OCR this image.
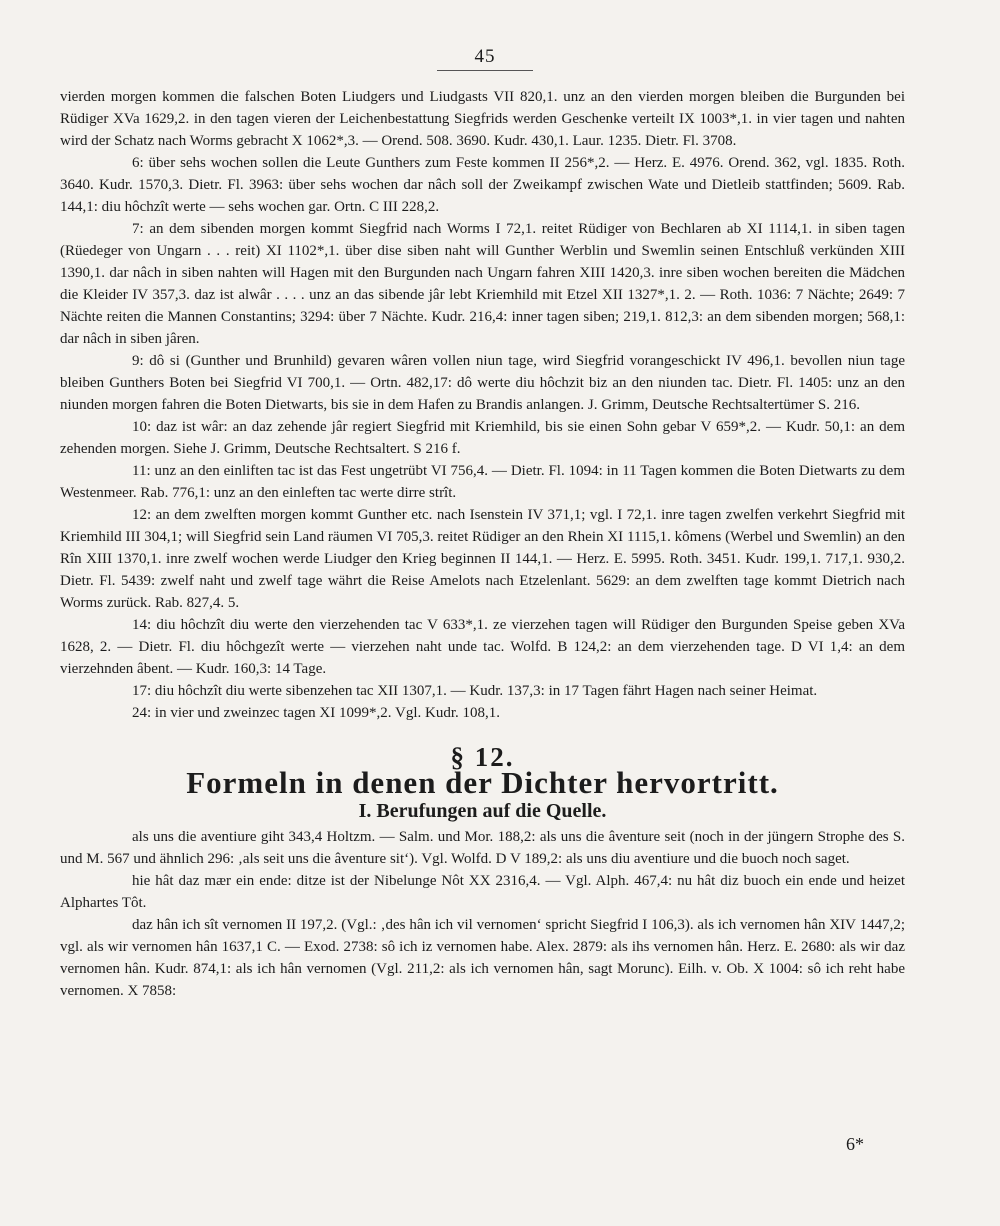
45

vierden morgen kommen die falschen Boten Liudgers und Liudgasts VII 820,1. unz an den vierden morgen bleiben die Burgunden bei Rüdiger XVa 1629,2. in den tagen vieren der Leichenbestattung Siegfrids werden Geschenke verteilt IX 1003*,1. in vier tagen und nahten wird der Schatz nach Worms gebracht X 1062*,3. — Orend. 508. 3690. Kudr. 430,1. Laur. 1235. Dietr. Fl. 3708.

6: über sehs wochen sollen die Leute Gunthers zum Feste kommen II 256*,2. — Herz. E. 4976. Orend. 362, vgl. 1835. Roth. 3640. Kudr. 1570,3. Dietr. Fl. 3963: über sehs wochen dar nâch soll der Zweikampf zwischen Wate und Dietleib stattfinden; 5609. Rab. 144,1: diu hôchzît werte — sehs wochen gar. Ortn. C III 228,2.

7: an dem sibenden morgen kommt Siegfrid nach Worms I 72,1. reitet Rüdiger von Bechlaren ab XI 1114,1. in siben tagen (Rüedeger von Ungarn . . . reit) XI 1102*,1. über dise siben naht will Gunther Werblin und Swemlin seinen Entschluß verkünden XIII 1390,1. dar nâch in siben nahten will Hagen mit den Burgunden nach Ungarn fahren XIII 1420,3. inre siben wochen bereiten die Mädchen die Kleider IV 357,3. daz ist alwâr . . . . unz an das sibende jâr lebt Kriemhild mit Etzel XII 1327*,1. 2. — Roth. 1036: 7 Nächte; 2649: 7 Nächte reiten die Mannen Constantins; 3294: über 7 Nächte. Kudr. 216,4: inner tagen siben; 219,1. 812,3: an dem sibenden morgen; 568,1: dar nâch in siben jâren.

9: dô si (Gunther und Brunhild) gevaren wâren vollen niun tage, wird Siegfrid vorangeschickt IV 496,1. bevollen niun tage bleiben Gunthers Boten bei Siegfrid VI 700,1. — Ortn. 482,17: dô werte diu hôchzit biz an den niunden tac. Dietr. Fl. 1405: unz an den niunden morgen fahren die Boten Dietwarts, bis sie in dem Hafen zu Brandis anlangen. J. Grimm, Deutsche Rechtsaltertümer S. 216.

10: daz ist wâr: an daz zehende jâr regiert Siegfrid mit Kriemhild, bis sie einen Sohn gebar V 659*,2. — Kudr. 50,1: an dem zehenden morgen. Siehe J. Grimm, Deutsche Rechtsaltert. S 216 f.

11: unz an den einliften tac ist das Fest ungetrübt VI 756,4. — Dietr. Fl. 1094: in 11 Tagen kommen die Boten Dietwarts zu dem Westenmeer. Rab. 776,1: unz an den einleften tac werte dirre strît.

12: an dem zwelften morgen kommt Gunther etc. nach Isenstein IV 371,1; vgl. I 72,1. inre tagen zwelfen verkehrt Siegfrid mit Kriemhild III 304,1; will Siegfrid sein Land räumen VI 705,3. reitet Rüdiger an den Rhein XI 1115,1. kômens (Werbel und Swemlin) an den Rîn XIII 1370,1. inre zwelf wochen werde Liudger den Krieg beginnen II 144,1. — Herz. E. 5995. Roth. 3451. Kudr. 199,1. 717,1. 930,2. Dietr. Fl. 5439: zwelf naht und zwelf tage währt die Reise Amelots nach Etzelenlant. 5629: an dem zwelften tage kommt Dietrich nach Worms zurück. Rab. 827,4. 5.

14: diu hôchzît diu werte den vierzehenden tac V 633*,1. ze vierzehen tagen will Rüdiger den Burgunden Speise geben XVa 1628, 2. — Dietr. Fl. diu hôchgezît werte — vierzehen naht unde tac. Wolfd. B 124,2: an dem vierzehenden tage. D VI 1,4: an dem vierzehnden âbent. — Kudr. 160,3: 14 Tage.

17: diu hôchzît diu werte sibenzehen tac XII 1307,1. — Kudr. 137,3: in 17 Tagen fährt Hagen nach seiner Heimat.

24: in vier und zweinzec tagen XI 1099*,2. Vgl. Kudr. 108,1.

§ 12.
Formeln in denen der Dichter hervortritt.
I. Berufungen auf die Quelle.

als uns die aventiure giht 343,4 Holtzm. — Salm. und Mor. 188,2: als uns die âventure seit (noch in der jüngern Strophe des S. und M. 567 und ähnlich 296: ‚als seit uns die âventure sit‘). Vgl. Wolfd. D V 189,2: als uns diu aventiure und die buoch noch saget.

hie hât daz mær ein ende: ditze ist der Nibelunge Nôt XX 2316,4. — Vgl. Alph. 467,4: nu hât diz buoch ein ende und heizet Alphartes Tôt.

daz hân ich sît vernomen II 197,2. (Vgl.: ‚des hân ich vil vernomen‘ spricht Siegfrid I 106,3). als ich vernomen hân XIV 1447,2; vgl. als wir vernomen hân 1637,1 C. — Exod. 2738: sô ich iz vernomen habe. Alex. 2879: als ihs vernomen hân. Herz. E. 2680: als wir daz vernomen hân. Kudr. 874,1: als ich hân vernomen (Vgl. 211,2: als ich vernomen hân, sagt Morunc). Eilh. v. Ob. X 1004: sô ich reht habe vernomen. X 7858:

6*
